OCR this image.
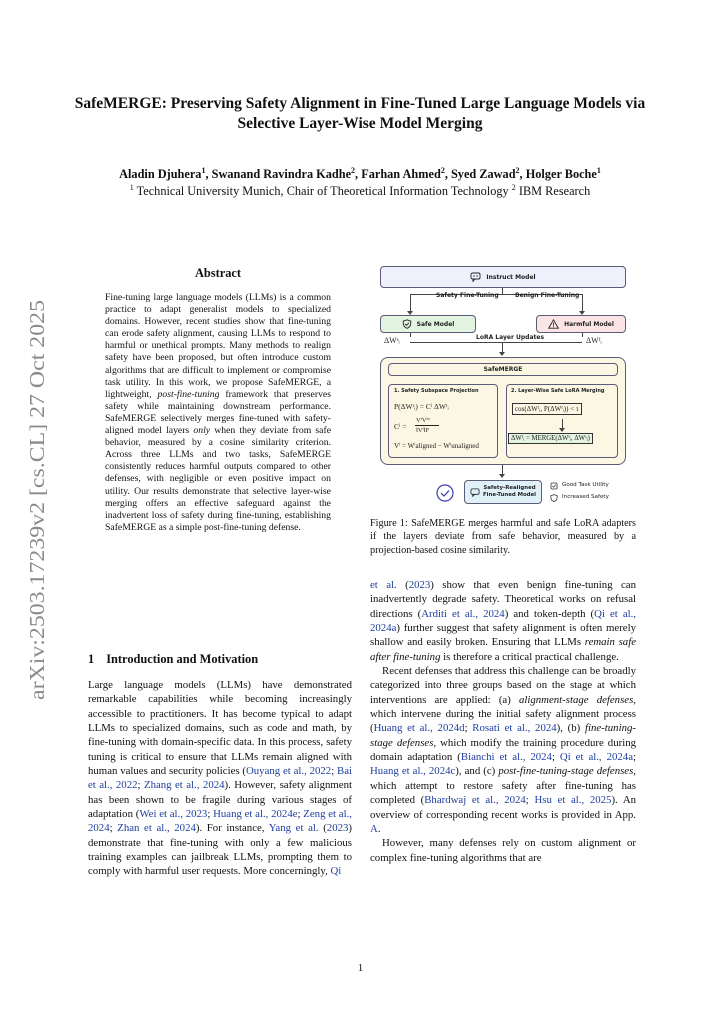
arXiv:2503.17239v2 [cs.CL] 27 Oct 2025
SafeMERGE: Preserving Safety Alignment in Fine-Tuned Large Language Models via Selective Layer-Wise Model Merging
Aladin Djuhera$^1$, Swanand Ravindra Kadhe$^2$, Farhan Ahmed$^2$, Syed Zawad$^2$, Holger Boche$^1$
$^1$ Technical University Munich, Chair of Theoretical Information Technology $^2$ IBM Research
Abstract

Fine-tuning large language models (LLMs) is a common practice to adapt generalist models to specialized domains. However, recent studies show that fine-tuning can erode safety alignment, causing LLMs to respond to harmful or unethical prompts. Many methods to realign safety have been proposed, but often introduce custom algorithms that are difficult to implement or compromise task utility. In this work, we propose SafeMERGE, a lightweight, post-fine-tuning framework that preserves safety while maintaining downstream performance. SafeMERGE selectively merges fine-tuned with safety-aligned model layers only when they deviate from safe behavior, measured by a cosine similarity criterion. Across three LLMs and two tasks, SafeMERGE consistently reduces harmful outputs compared to other defenses, with negligible or even positive impact on utility. Our results demonstrate that selective layer-wise merging offers an effective safeguard against the inadvertent loss of safety during fine-tuning, establishing SafeMERGE as a simple post-fine-tuning defense.

1 Introduction and Motivation

Large language models (LLMs) have demonstrated remarkable capabilities while becoming increasingly accessible to practitioners. It has become typical to adapt LLMs to specialized domains, such as code and math, by fine-tuning with domain-specific data. In this process, safety tuning is critical to ensure that LLMs remain aligned with human values and security policies (Ouyang et al., 2022; Bai et al., 2022; Zhang et al., 2024). However, safety alignment has been shown to be fragile during various stages of adaptation (Wei et al., 2023; Huang et al., 2024e; Zeng et al., 2024; Zhan et al., 2024). For instance, Yang et al. (2023) demonstrate that fine-tuning with only a few malicious training examples can jailbreak LLMs, prompting them to comply with harmful user requests. More concerningly, Qi

Instruct Model
Safety Fine-Tuning	Benign Fine-Tuning
Safe Model	Harmful Model
ΔWˢᵢ	ΔWᶠᵢ
LoRA Layer Updates
SafeMERGE
1. Safety Subspace Projection
P(ΔWᶠᵢ) = Cⁱ ΔWᶠᵢ
Cⁱ =
VⁱVⁱᵀ
‖Vⁱ‖F
Vⁱ = Wⁱaligned − Wⁱunaligned
2. Layer-Wise Safe LoRA Merging
cos(ΔWᶠᵢ, P(ΔWᶠᵢ)) < τ
ΔWᶠᵢ = MERGE(ΔWᶠᵢ, ΔWˢᵢ)
Safety-Realigned
Fine-Tuned Model
Good Task Utility
Increased Safety

Figure 1: SafeMERGE merges harmful and safe LoRA adapters if the layers deviate from safe behavior, measured by a projection-based cosine similarity.

et al. (2023) show that even benign fine-tuning can inadvertently degrade safety. Theoretical works on refusal directions (Arditi et al., 2024) and token-depth (Qi et al., 2024a) further suggest that safety alignment is often merely shallow and easily broken. Ensuring that LLMs remain safe after fine-tuning is therefore a critical practical challenge.

Recent defenses that address this challenge can be broadly categorized into three groups based on the stage at which interventions are applied: (a) alignment-stage defenses, which intervene during the initial safety alignment process (Huang et al., 2024d; Rosati et al., 2024), (b) fine-tuning-stage defenses, which modify the training procedure during domain adaptation (Bianchi et al., 2024; Qi et al., 2024a; Huang et al., 2024c), and (c) post-fine-tuning-stage defenses, which attempt to restore safety after fine-tuning has completed (Bhardwaj et al., 2024; Hsu et al., 2025). An overview of corresponding recent works is provided in App. A.

However, many defenses rely on custom alignment or complex fine-tuning algorithms that are

1
